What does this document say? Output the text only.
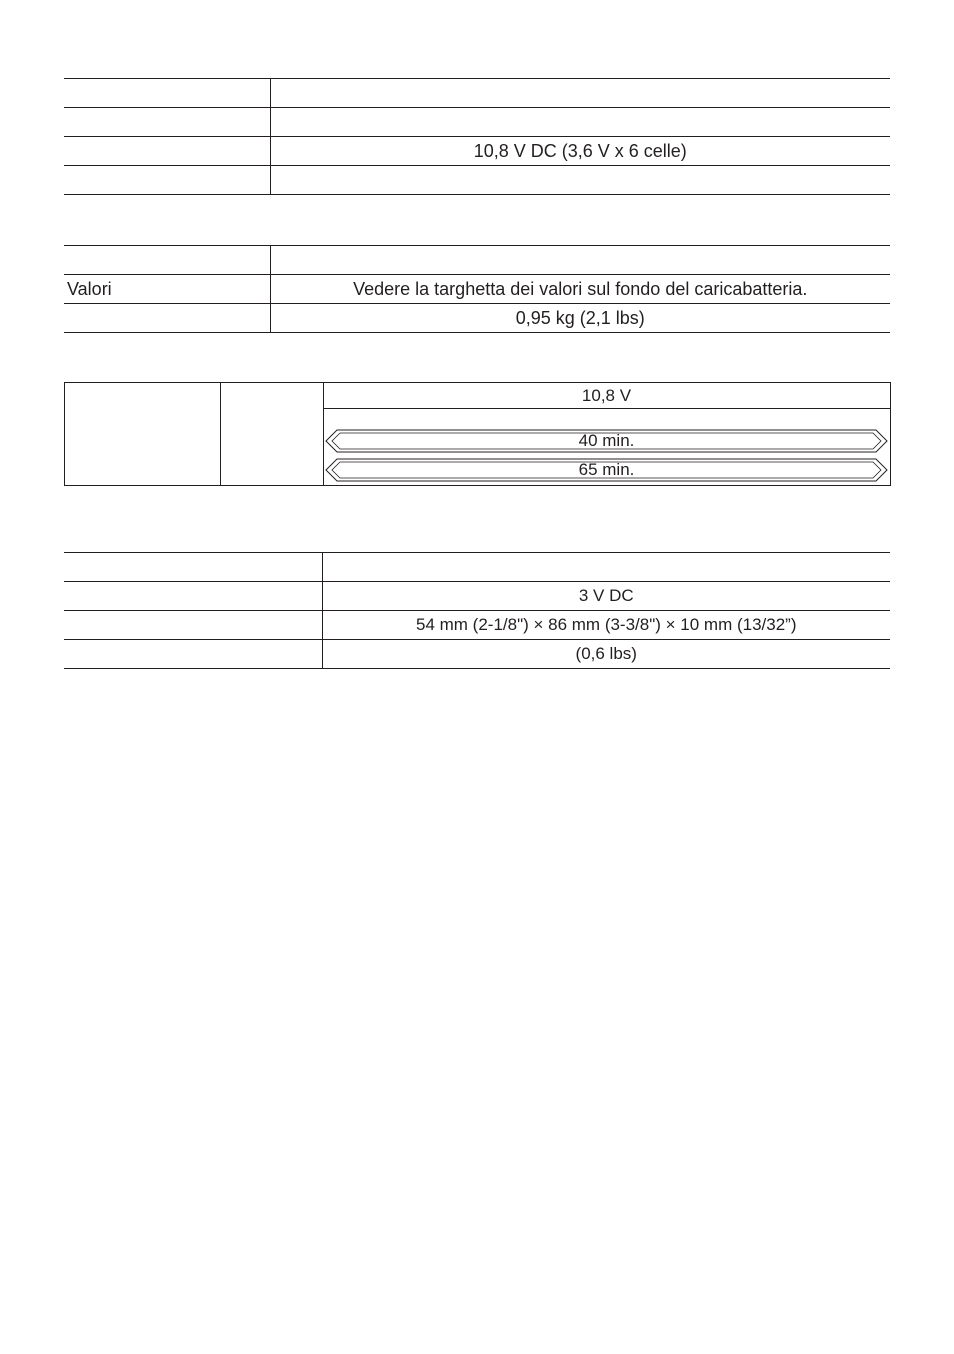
	10,8 V DC (3,6 V x 6 celle)

Valori	Vedere la targhetta dei valori sul fondo del caricabatteria.
	0,95 kg (2,1 lbs)
10,8 V
40 min.
65 min.

	3 V DC
	54 mm (2-1/8") × 86 mm (3-3/8") × 10 mm (13/32”)
	(0,6 lbs)
